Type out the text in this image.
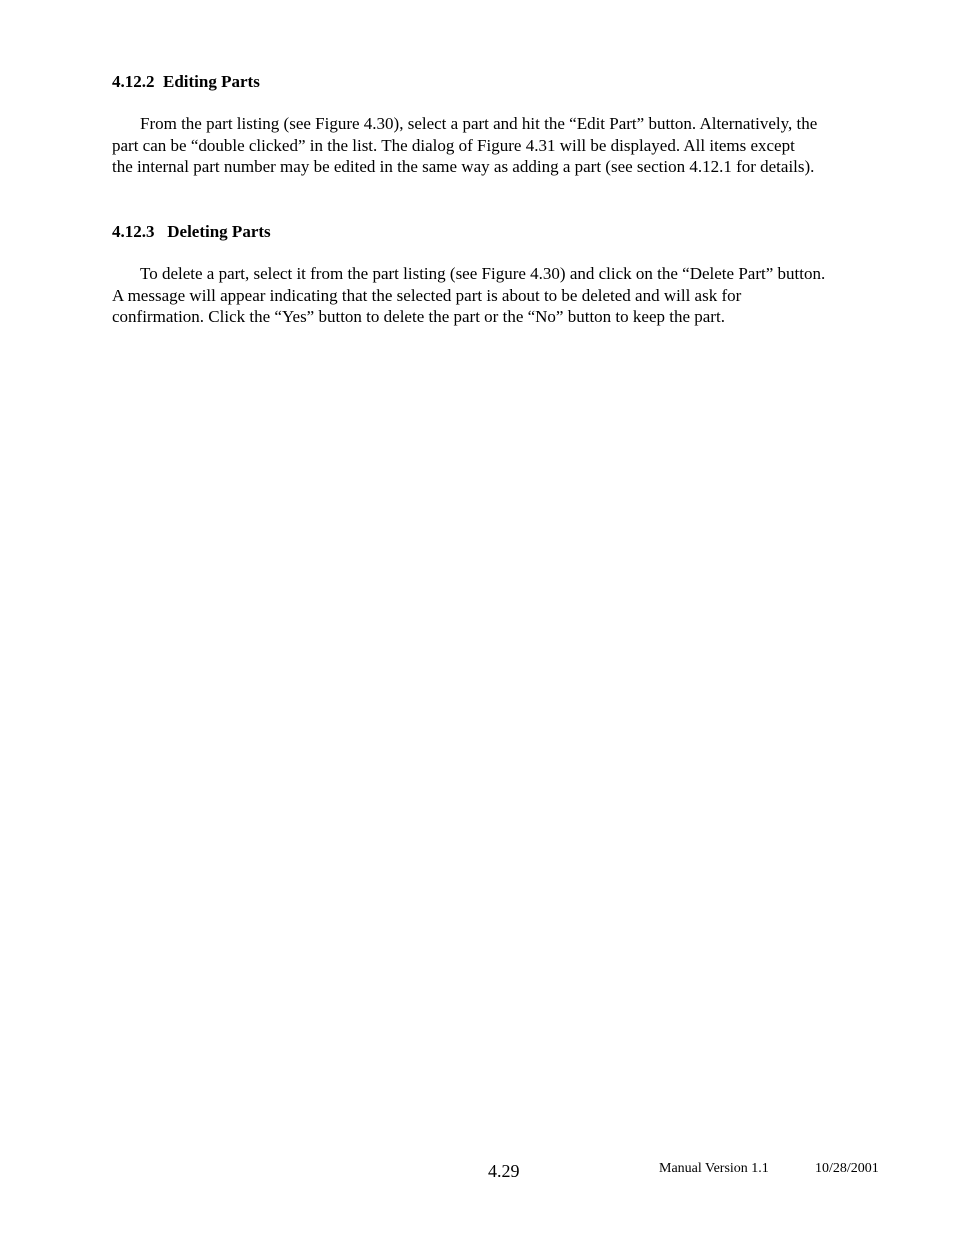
4.12.2  Editing Parts

From the part listing (see Figure 4.30), select a part and hit the “Edit Part” button. Alternatively, the
part can be “double clicked” in the list. The dialog of Figure 4.31 will be displayed. All items except
the internal part number may be edited in the same way as adding a part (see section 4.12.1 for details).

4.12.3   Deleting Parts

To delete a part, select it from the part listing (see Figure 4.30) and click on the “Delete Part” button.
A message will appear indicating that the selected part is about to be deleted and will ask for
confirmation. Click the “Yes” button to delete the part or the “No” button to keep the part.

4.29	Manual Version 1.1	10/28/2001
